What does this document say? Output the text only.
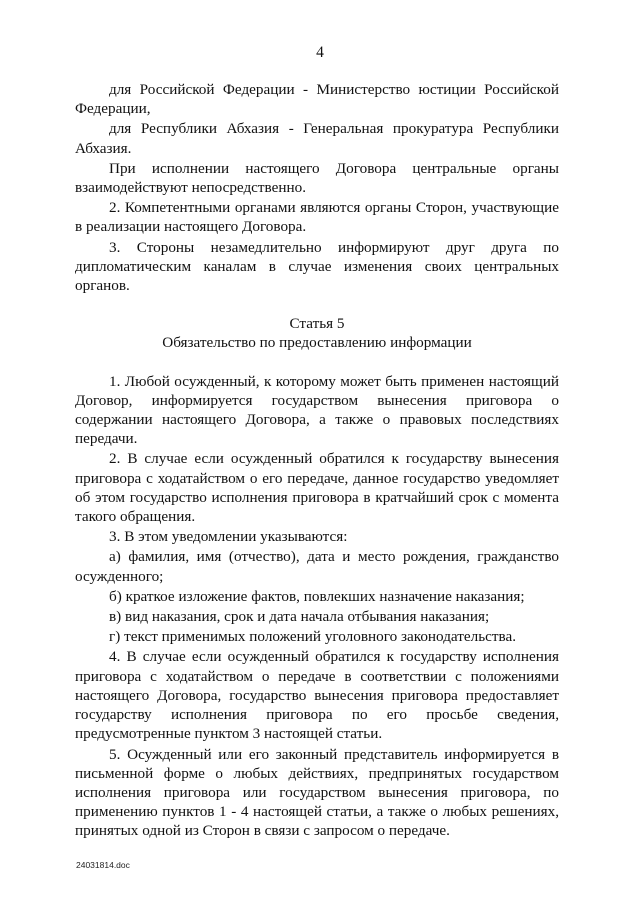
4

для Российской Федерации - Министерство юстиции Российской Федерации,

для Республики Абхазия - Генеральная прокуратура Республики Абхазия.

При исполнении настоящего Договора центральные органы взаимодействуют непосредственно.

2. Компетентными органами являются органы Сторон, участвующие в реализации настоящего Договора.

3. Стороны незамедлительно информируют друг друга по дипломатическим каналам в случае изменения своих центральных органов.

Статья 5

Обязательство по предоставлению информации

1. Любой осужденный, к которому может быть применен настоящий Договор, информируется государством вынесения приговора о содержании настоящего Договора, а также о правовых последствиях передачи.

2. В случае если осужденный обратился к государству вынесения приговора с ходатайством о его передаче, данное государство уведомляет об этом государство исполнения приговора в кратчайший срок с момента такого обращения.

3. В этом уведомлении указываются:

а) фамилия, имя (отчество), дата и место рождения, гражданство осужденного;

б) краткое изложение фактов, повлекших назначение наказания;

в) вид наказания, срок и дата начала отбывания наказания;

г) текст применимых положений уголовного законодательства.

4. В случае если осужденный обратился к государству исполнения приговора с ходатайством о передаче в соответствии с положениями настоящего Договора, государство вынесения приговора предоставляет государству исполнения приговора по его просьбе сведения, предусмотренные пунктом 3 настоящей статьи.

5. Осужденный или его законный представитель информируется в письменной форме о любых действиях, предпринятых государством исполнения приговора или государством вынесения приговора, по применению пунктов 1 - 4 настоящей статьи, а также о любых решениях, принятых одной из Сторон в связи с запросом о передаче.

24031814.doc
